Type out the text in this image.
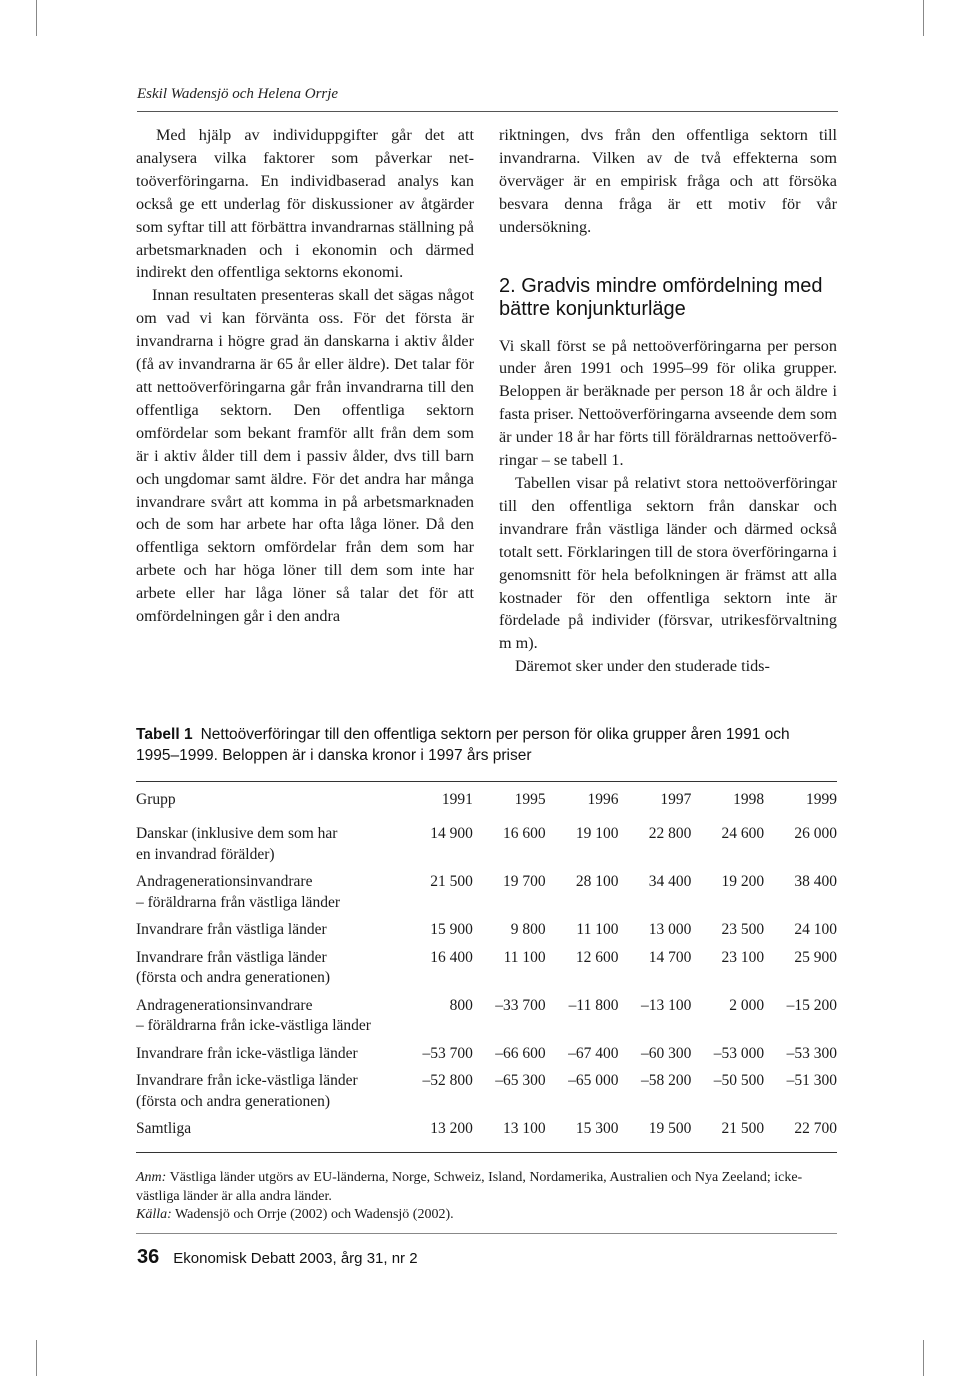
Eskil Wadensjö och Helena Orrje

Med hjälp av individuppgifter går det att analysera vilka faktorer som påverkar nettoöverföringarna. En individbaserad analys kan också ge ett underlag för diskussioner av åtgärder som syftar till att förbättra invandrarnas ställning på arbetsmarknaden och i ekonomin och därmed indirekt den offentliga sektorns ekonomi.

Innan resultaten presenteras skall det sägas något om vad vi kan förvänta oss. För det första är invandrarna i högre grad än danskarna i aktiv ålder (få av invandrarna är 65 år eller äldre). Det talar för att nettoöverföringarna går från invandrarna till den offentliga sektorn. Den offentliga sektorn omfördelar som bekant framför allt från dem som är i aktiv ålder till dem i passiv ålder, dvs till barn och ungdomar samt äldre. För det andra har många invandrare svårt att komma in på arbetsmarknaden och de som har arbete har ofta låga löner. Då den offentliga sektorn omfördelar från dem som har arbete och har höga löner till dem som inte har arbete eller har låga löner så talar det för att omfördelningen går i den andra

riktningen, dvs från den offentliga sektorn till invandrarna. Vilken av de två effekterna som överväger är en empirisk fråga och att försöka besvara denna fråga är ett motiv för vår undersökning.

2. Gradvis mindre omfördelning med bättre konjunkturläge

Vi skall först se på nettoöverföringarna per person under åren 1991 och 1995–99 för olika grupper. Beloppen är beräknade per person 18 år och äldre i fasta priser. Nettoöverföringarna avseende dem som är under 18 år har förts till föräldrarnas nettoöverföringar – se tabell 1.

Tabellen visar på relativt stora nettoöverföringar till den offentliga sektorn från danskar och invandrare från västliga länder och därmed också totalt sett. Förklaringen till de stora överföringarna i genomsnitt för hela befolkningen är främst att alla kostnader för den offentliga sektorn inte är fördelade på individer (försvar, utrikesförvaltning m m).

Däremot sker under den studerade tids-

Tabell 1 Nettoöverföringar till den offentliga sektorn per person för olika grupper åren 1991 och 1995–1999. Beloppen är i danska kronor i 1997 års priser
Grupp	1991	1995	1996	1997	1998	1999
Danskar (inklusive dem som har
en invandrad förälder)	14 900	16 600	19 100	22 800	24 600	26 000
Andragenerationsinvandrare
– föräldrarna från västliga länder	21 500	19 700	28 100	34 400	19 200	38 400
Invandrare från västliga länder	15 900	9 800	11 100	13 000	23 500	24 100
Invandrare från västliga länder
(första och andra generationen)	16 400	11 100	12 600	14 700	23 100	25 900
Andragenerationsinvandrare
– föräldrarna från icke-västliga länder	800	–33 700	–11 800	–13 100	2 000	–15 200
Invandrare från icke-västliga länder	–53 700	–66 600	–67 400	–60 300	–53 000	–53 300
Invandrare från icke-västliga länder
(första och andra generationen)	–52 800	–65 300	–65 000	–58 200	–50 500	–51 300
Samtliga	13 200	13 100	15 300	19 500	21 500	22 700
Anm: Västliga länder utgörs av EU-länderna, Norge, Schweiz, Island, Nordamerika, Australien och Nya Zeeland; icke-västliga länder är alla andra länder.
Källa: Wadensjö och Orrje (2002) och Wadensjö (2002).
36 Ekonomisk Debatt 2003, årg 31, nr 2
